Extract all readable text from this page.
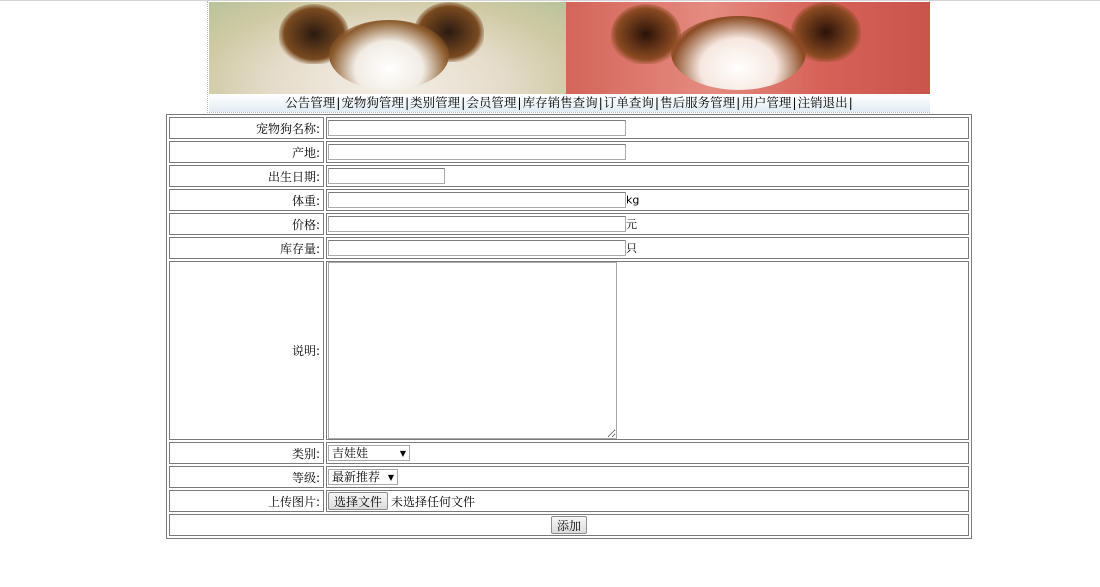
公告管理|宠物狗管理|类别管理|会员管理|库存销售查询|订单查询|售后服务管理|用户管理|注销退出|
宠物狗名称:	
产地:	
出生日期:	
体重:	kg
价格:	元
库存量:	只
说明:	

类别:	吉娃娃 ▼

等级:	最新推荐 ▼

上传图片:	选择文件 未选择任何文件
添加	
